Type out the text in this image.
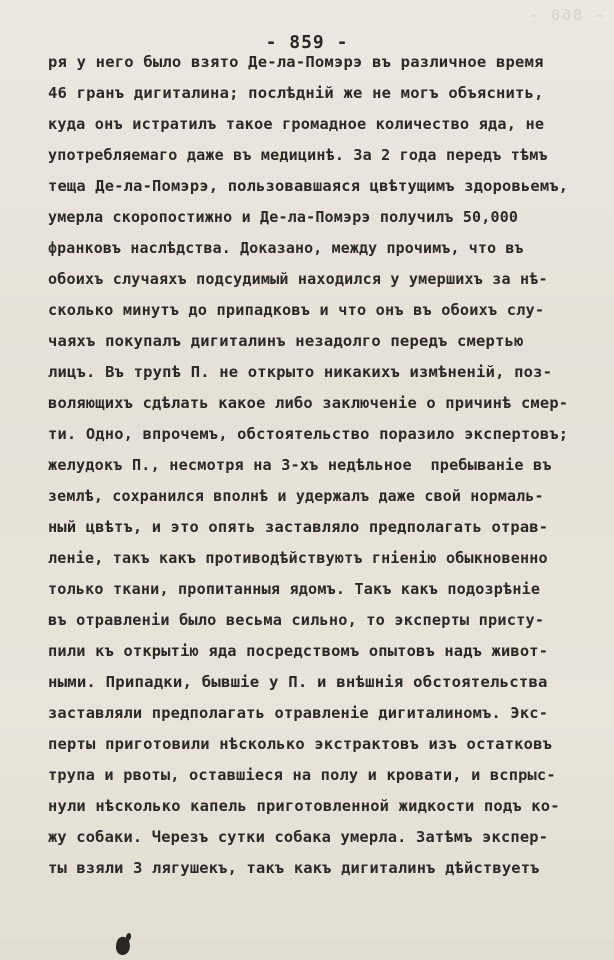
- 860 -
- 859 -
ря у него было взято Де-ла-Помэрэ въ различное время
46 гранъ дигиталина; послѣдній же не могъ объяснить,
куда онъ истратилъ такое громадное количество яда, не
употребляемаго даже въ медицинѣ. За 2 года передъ тѣмъ
теща Де-ла-Помэрэ, пользовавшаяся цвѣтущимъ здоровьемъ,
умерла скоропостижно и Де-ла-Помэрэ получилъ 50,000
франковъ наслѣдства. Доказано, между прочимъ, что въ
обоихъ случаяхъ подсудимый находился у умершихъ за нѣ-
сколько минутъ до припадковъ и что онъ въ обоихъ слу-
чаяхъ покупалъ дигиталинъ незадолго передъ смертью
лицъ. Въ трупѣ П. не открыто никакихъ измѣненій, поз-
воляющихъ сдѣлать какое либо заключеніе о причинѣ смер-
ти. Одно, впрочемъ, обстоятельство поразило экспертовъ;
желудокъ П., несмотря на 3-хъ недѣльное  пребываніе въ
землѣ, сохранился вполнѣ и удержалъ даже свой нормаль-
ный цвѣтъ, и это опять заставляло предполагать отрав-
леніе, такъ какъ противодѣйствуютъ гніенію обыкновенно
только ткани, пропитанныя ядомъ. Такъ какъ подозрѣніе
въ отравленіи было весьма сильно, то эксперты присту-
пили къ открытію яда посредствомъ опытовъ надъ живот-
ными. Припадки, бывшіе у П. и внѣшнія обстоятельства
заставляли предполагать отравленіе дигиталиномъ. Экс-
перты приготовили нѣсколько экстрактовъ изъ остатковъ
трупа и рвоты, оставшіеся на полу и кровати, и вспрыс-
нули нѣсколько капель приготовленной жидкости подъ ко-
жу собаки. Черезъ сутки собака умерла. Затѣмъ экспер-
ты взяли 3 лягушекъ, такъ какъ дигиталинъ дѣйствуетъ
